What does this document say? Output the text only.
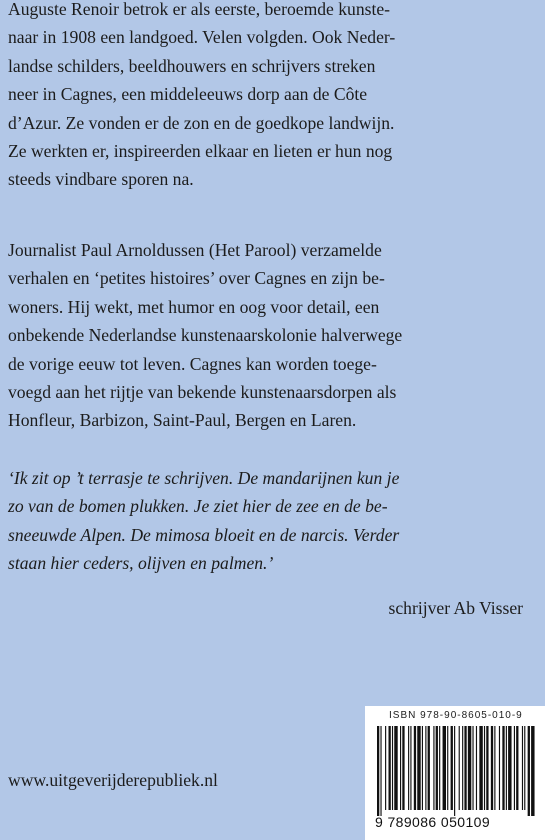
Auguste Renoir betrok er als eerste, beroemde kunste-
naar in 1908 een landgoed. Velen volgden. Ook Neder-
landse schilders, beeldhouwers en schrijvers streken
neer in Cagnes, een middeleeuws dorp aan de Côte
d’Azur. Ze vonden er de zon en de goedkope landwijn.
Ze werkten er, inspireerden elkaar en lieten er hun nog
steeds vindbare sporen na.
Journalist Paul Arnoldussen (Het Parool) verzamelde
verhalen en ‘petites histoires’ over Cagnes en zijn be-
woners. Hij wekt, met humor en oog voor detail, een
onbekende Nederlandse kunstenaarskolonie halverwege
de vorige eeuw tot leven. Cagnes kan worden toege-
voegd aan het rijtje van bekende kunstenaarsdorpen als
Honfleur, Barbizon, Saint-Paul, Bergen en Laren.
‘Ik zit op ’t terrasje te schrijven. De mandarijnen kun je
zo van de bomen plukken. Je ziet hier de zee en de be-
sneeuwde Alpen. De mimosa bloeit en de narcis. Verder
staan hier ceders, olijven en palmen.’
schrijver Ab Visser
www.uitgeverijderepubliek.nl
ISBN 978-90-8605-010-9
9 789086 050109
